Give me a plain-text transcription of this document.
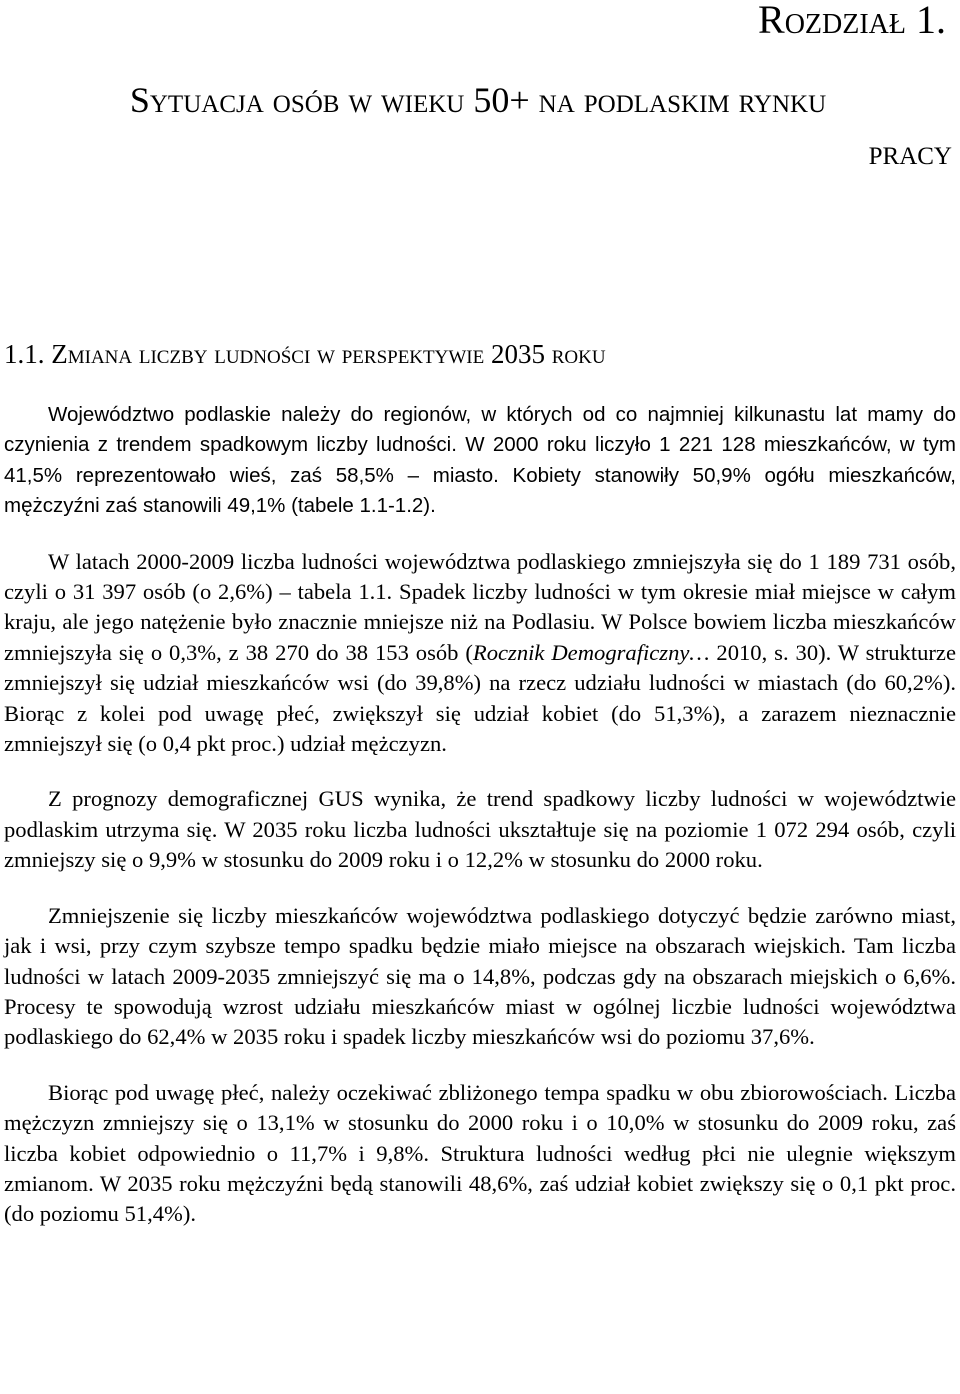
Rozdział 1.
Sytuacja osób w wieku 50+ na podlaskim rynku
pracy
1.1. Zmiana liczby ludności w perspektywie 2035 roku

Województwo podlaskie należy do regionów, w których od co najmniej kilkunastu lat mamy do czynienia z trendem spadkowym liczby ludności. W 2000 roku liczyło 1 221 128 mieszkańców, w tym 41,5% reprezentowało wieś, zaś 58,5% – miasto. Kobiety stanowiły 50,9% ogółu mieszkańców, mężczyźni zaś stanowili 49,1% (tabele 1.1-1.2).

W latach 2000-2009 liczba ludności województwa podlaskiego zmniejszyła się do 1 189 731 osób, czyli o 31 397 osób (o 2,6%) – tabela 1.1. Spadek liczby ludności w tym okresie miał miejsce w całym kraju, ale jego natężenie było znacznie mniejsze niż na Podlasiu. W Polsce bowiem liczba mieszkańców zmniejszyła się o 0,3%, z 38 270 do 38 153 osób (Rocznik Demograficzny… 2010, s. 30). W strukturze zmniejszył się udział mieszkańców wsi (do 39,8%) na rzecz udziału ludności w miastach (do 60,2%). Biorąc z kolei pod uwagę płeć, zwiększył się udział kobiet (do 51,3%), a zarazem nieznacznie zmniejszył się (o 0,4 pkt proc.) udział mężczyzn.

Z prognozy demograficznej GUS wynika, że trend spadkowy liczby ludności w województwie podlaskim utrzyma się. W 2035 roku liczba ludności ukształtuje się na poziomie 1 072 294 osób, czyli zmniejszy się o 9,9% w stosunku do 2009 roku i o 12,2% w stosunku do 2000 roku.

Zmniejszenie się liczby mieszkańców województwa podlaskiego dotyczyć będzie zarówno miast, jak i wsi, przy czym szybsze tempo spadku będzie miało miejsce na obszarach wiejskich. Tam liczba ludności w latach 2009-2035 zmniejszyć się ma o 14,8%, podczas gdy na obszarach miejskich o 6,6%. Procesy te spowodują wzrost udziału mieszkańców miast w ogólnej liczbie ludności województwa podlaskiego do 62,4% w 2035 roku i spadek liczby mieszkańców wsi do poziomu 37,6%.

Biorąc pod uwagę płeć, należy oczekiwać zbliżonego tempa spadku w obu zbiorowościach. Liczba mężczyzn zmniejszy się o 13,1% w stosunku do 2000 roku i o 10,0% w stosunku do 2009 roku, zaś liczba kobiet odpowiednio o 11,7% i 9,8%. Struktura ludności według płci nie ulegnie większym zmianom. W 2035 roku mężczyźni będą stanowili 48,6%, zaś udział kobiet zwiększy się o 0,1 pkt proc. (do poziomu 51,4%).
